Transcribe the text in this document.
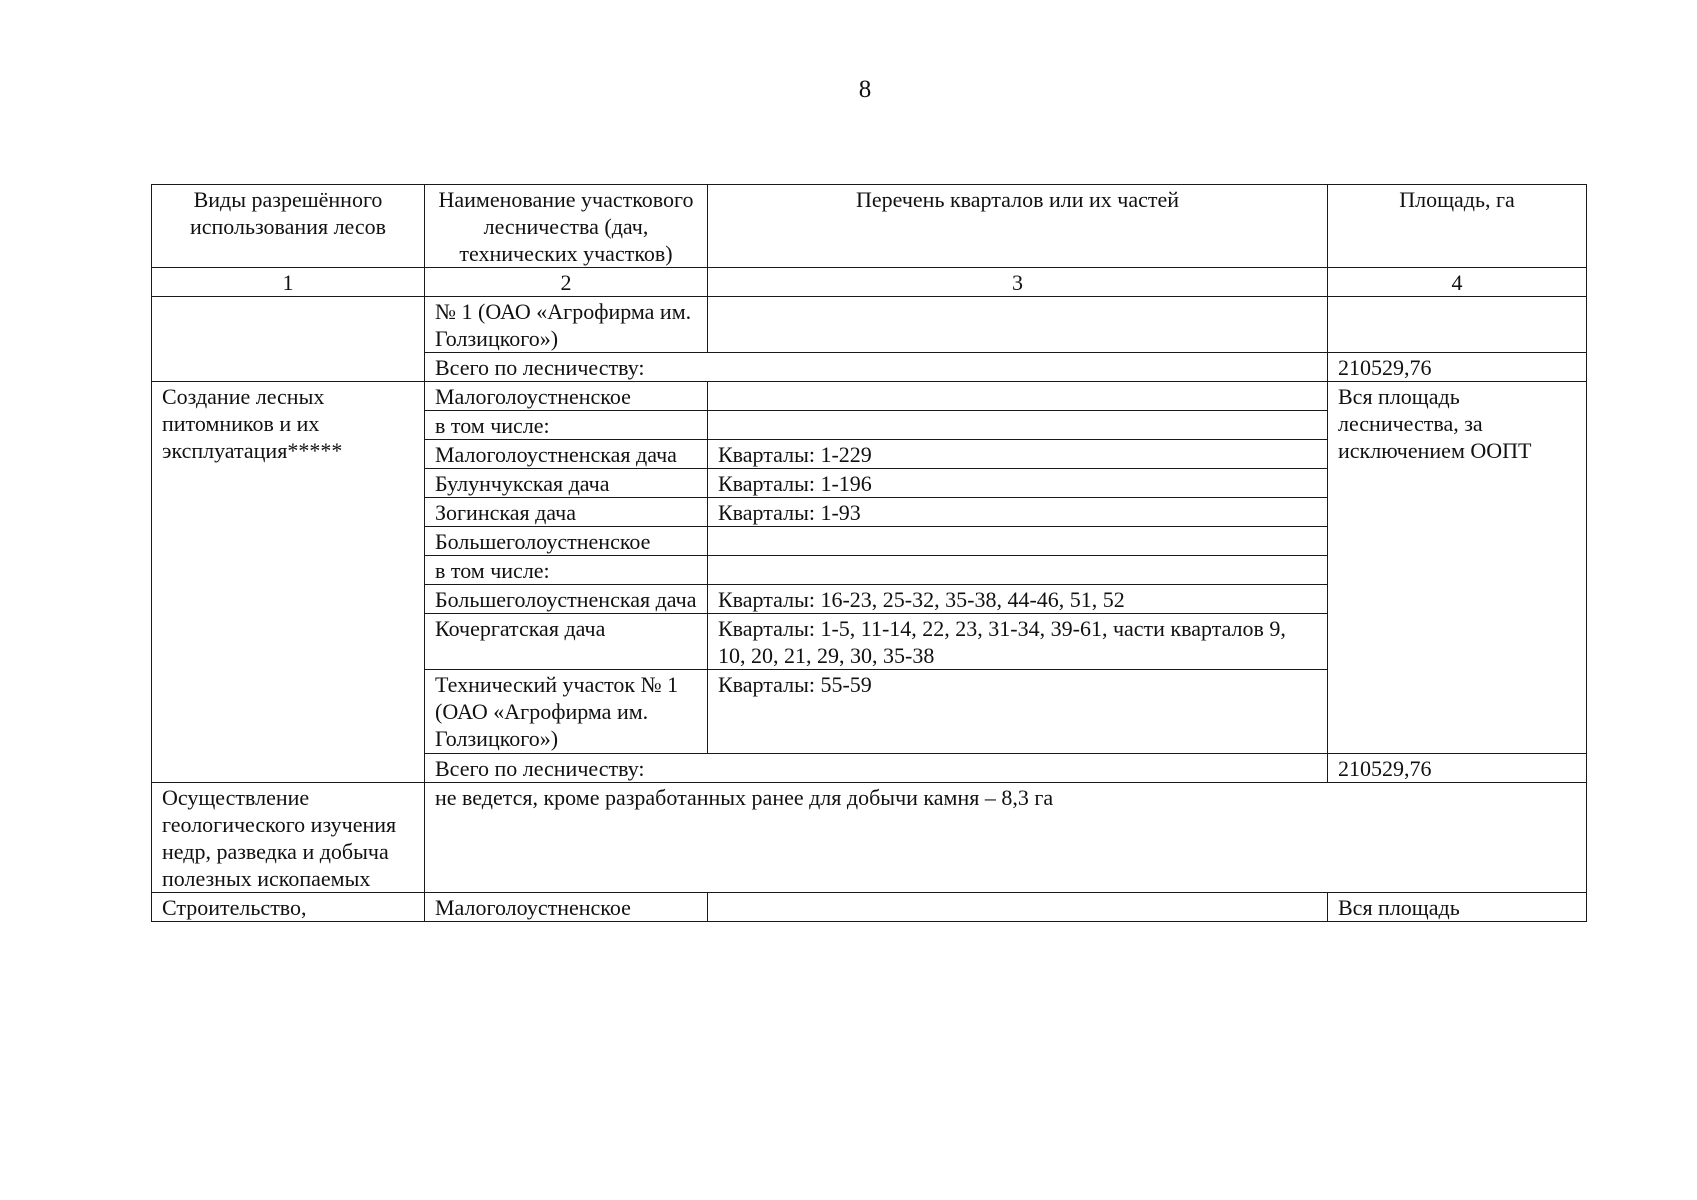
8
Виды разрешённого использования лесов	Наименование участкового лесничества (дач, технических участков)	Перечень кварталов или их частей	Площадь, га
1	2	3	4
	№ 1 (ОАО «Агрофирма им. Голзицкого»)		
	Всего по лесничеству:		210529,76
Создание лесных питомников и их эксплуатация*****	Малоголоустненское		Вся площадь лесничества, за исключением ООПТ
	в том числе:		
	Малоголоустненская дача	Кварталы: 1-229	
	Булунчукская дача	Кварталы: 1-196	
	Зогинская дача	Кварталы: 1-93	
	Большеголоустненское		
	в том числе:		
	Большеголоустненская дача	Кварталы: 16-23, 25-32, 35-38, 44-46, 51, 52	
	Кочергатская дача	Кварталы: 1-5, 11-14, 22, 23, 31-34, 39-61, части кварталов 9, 10, 20, 21, 29, 30, 35-38	
	Технический участок № 1 (ОАО «Агрофирма им. Голзицкого»)	Кварталы: 55-59	
	Всего по лесничеству:		210529,76
Осуществление геологического изучения недр, разведка и добыча полезных ископаемых	не ведется, кроме разработанных ранее для добычи камня – 8,3 га		
Строительство,	Малоголоустненское		Вся площадь
